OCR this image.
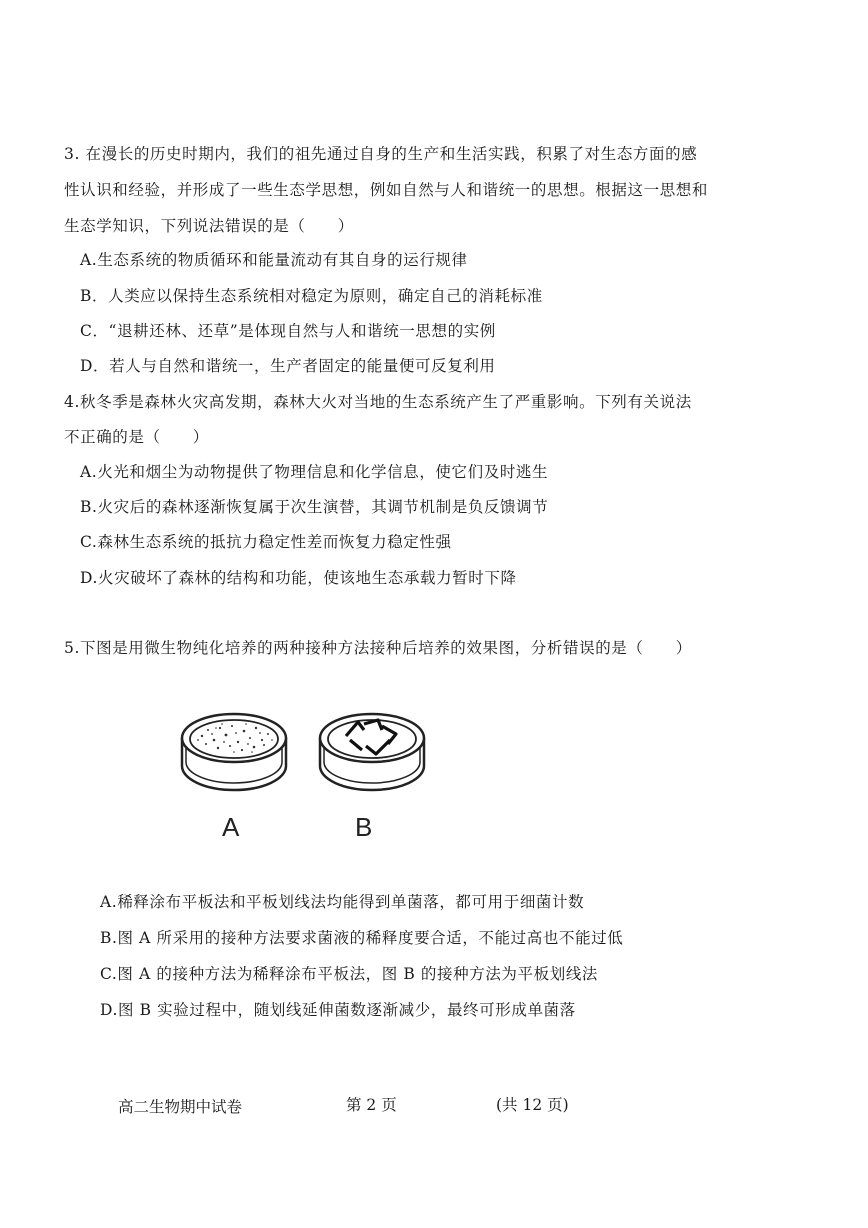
3. 在漫长的历史时期内，我们的祖先通过自身的生产和生活实践，积累了对生态方面的感
性认识和经验，并形成了一些生态学思想，例如自然与人和谐统一的思想。根据这一思想和
生态学知识，下列说法错误的是（　　）
A.生态系统的物质循环和能量流动有其自身的运行规律
B．人类应以保持生态系统相对稳定为原则，确定自己的消耗标准
C．“退耕还林、还草”是体现自然与人和谐统一思想的实例
D．若人与自然和谐统一，生产者固定的能量便可反复利用
4.秋冬季是森林火灾高发期，森林大火对当地的生态系统产生了严重影响。下列有关说法
不正确的是（　　）
A.火光和烟尘为动物提供了物理信息和化学信息，使它们及时逃生
B.火灾后的森林逐渐恢复属于次生演替，其调节机制是负反馈调节
C.森林生态系统的抵抗力稳定性差而恢复力稳定性强
D.火灾破坏了森林的结构和功能，使该地生态承载力暂时下降
5.下图是用微生物纯化培养的两种接种方法接种后培养的效果图，分析错误的是（　　）
A	B
A.稀释涂布平板法和平板划线法均能得到单菌落，都可用于细菌计数
B.图 A 所采用的接种方法要求菌液的稀释度要合适，不能过高也不能过低
C.图 A 的接种方法为稀释涂布平板法，图 B 的接种方法为平板划线法
D.图 B 实验过程中，随划线延伸菌数逐渐减少，最终可形成单菌落
高二生物期中试卷	第 2 页	(共 12 页)
